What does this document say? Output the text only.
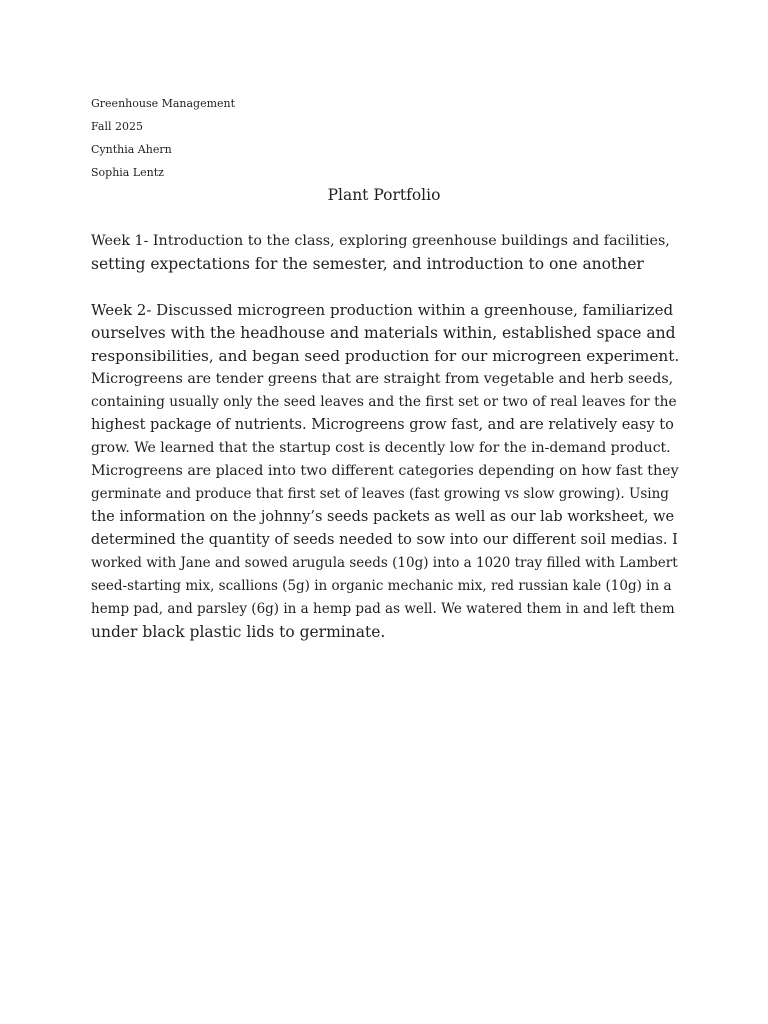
Greenhouse Management
Fall 2025
Cynthia Ahern
Sophia Lentz
Plant Portfolio

Week 1- Introduction to the class, exploring greenhouse buildings and facilities,
setting expectations for the semester, and introduction to one another

Week 2- Discussed microgreen production within a greenhouse, familiarized
ourselves with the headhouse and materials within, established space and
responsibilities, and began seed production for our microgreen experiment.
Microgreens are tender greens that are straight from vegetable and herb seeds,
containing usually only the seed leaves and the first set or two of real leaves for the
highest package of nutrients. Microgreens grow fast, and are relatively easy to
grow. We learned that the startup cost is decently low for the in-demand product.
Microgreens are placed into two different categories depending on how fast they
germinate and produce that first set of leaves (fast growing vs slow growing). Using
the information on the johnny’s seeds packets as well as our lab worksheet, we
determined the quantity of seeds needed to sow into our different soil medias. I
worked with Jane and sowed arugula seeds (10g) into a 1020 tray filled with Lambert
seed-starting mix, scallions (5g) in organic mechanic mix, red russian kale (10g) in a
hemp pad, and parsley (6g) in a hemp pad as well. We watered them in and left them
under black plastic lids to germinate.
